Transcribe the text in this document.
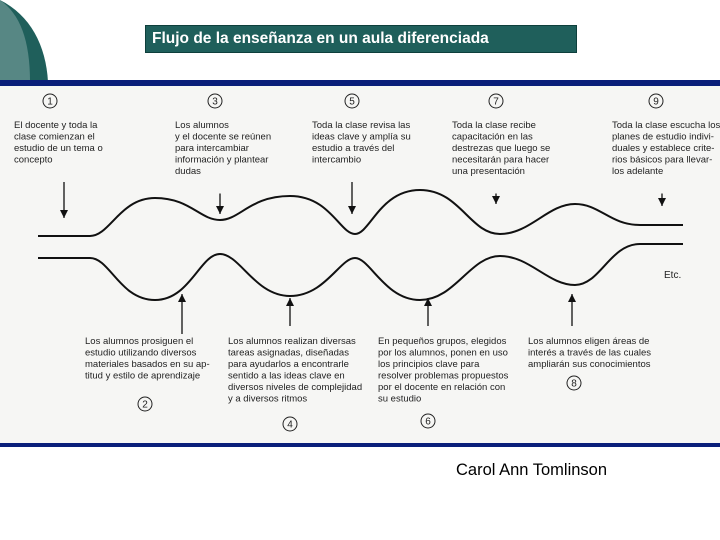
Flujo de la enseñanza en un aula diferenciada
1
El docente y toda la
clase comienzan el
estudio de un tema o
concepto
3
Los alumnos
y el docente se reúnen
para intercambiar
información y plantear
dudas
5
Toda la clase revisa las
ideas clave y amplía su
estudio a través del
intercambio
7
Toda la clase recibe
capacitación en las
destrezas que luego se
necesitarán para hacer
una presentación
9
Toda la clase escucha los
planes de estudio indivi-
duales y establece crite-
rios básicos para llevar-
los adelante
2
Los alumnos prosiguen el
estudio utilizando diversos
materiales basados en su ap-
titud y estilo de aprendizaje
4
Los alumnos realizan diversas
tareas asignadas, diseñadas
para ayudarlos a encontrarle
sentido a las ideas clave en
diversos niveles de complejidad
y a diversos ritmos
6
En pequeños grupos, elegidos
por los alumnos, ponen en uso
los principios clave para
resolver problemas propuestos
por el docente en relación con
su estudio
8
Los alumnos eligen áreas de
interés a través de las cuales
ampliarán sus conocimientos
Etc.
Carol Ann Tomlinson
